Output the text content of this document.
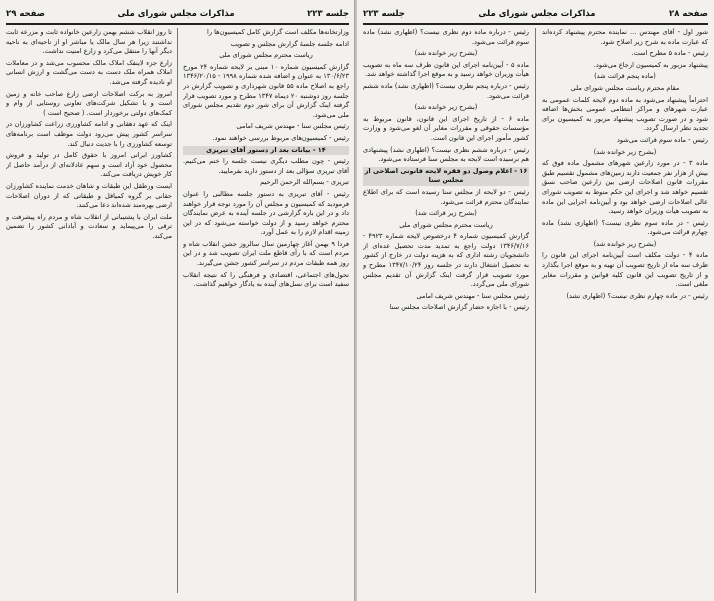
جلسه ۲۲۳
مذاکرات مجلس شورای ملی
صفحه ۲۹
وزارتخانه‌ها مکلف است گزارش کامل کمیسیون‌ها را
ادامه جلسه جلسهٔ گزارش مجلس و تصویب
ریاست محترم مجلس شورای ملی
گزارش کمیسیون شماره ۱۰ مبنی بر لایحه شماره ۲۴ مورخ ۱۳۰/۶/۲۳ به عنوان و اضافه شده شماره ۱۹۹۸ - ۱۳۴۶/۲۰/۱۵ راجع به اصلاح ماده ۵۵ قانون شهرداری و تصویب گزارش در جلسه روز دوشنبه ۲۰ دیماه ۱۳۴۷ مطرح و مورد تصویب قرار گرفته اینک گزارش آن برای شور دوم تقدیم مجلس شورای ملی می‌شود.
رئیس مجلس سنا - مهندس شریف امامی
رئیس - کمیسیون‌های مربوط بررسی خواهند نمود.
۱۴ - بیانات بعد از دستور آقای تبریزی
رئیس - چون مطلب دیگری نیست جلسه را ختم می‌کنیم. آقای تبریزی سؤالی بعد از دستور دارید بفرمایید.
تبریزی - بسم‌الله الرحمن الرحیم
رئیس - آقای تبریزی به دستور جلسه مطالبی را عنوان فرمودید که کمیسیون و مجلس آن را مورد توجه قرار خواهند داد و در این باره گزارشی در جلسه آینده به عرض نمایندگان محترم خواهد رسید و از دولت خواسته می‌شود که در این زمینه اقدام لازم را به عمل آورد.
فردا ۹ بهمن آغاز چهارمین سال سالروز جشن انقلاب شاه و مردم است که با رأی قاطع ملت ایران تصویب شد و در این روز همه طبقات مردم در سراسر کشور جشن می‌گیرند.
تحول‌های اجتماعی، اقتصادی و فرهنگی را که نتیجه انقلاب سفید است برای نسل‌های آینده به یادگار خواهیم گذاشت.
تا روز انقلاب ششم بهمن زارعین خانواده ثابت و مزرعه ثابت نداشتند زیرا هر سال مالک یا مباشر او از ناحیه‌ای به ناحیه دیگر آنها را منتقل می‌کرد و زارع امنیت نداشت.
زارع جزء لاینفک املاک مالک محسوب می‌شد و در معاملات املاک همراه ملک دست به دست می‌گشت و ارزش انسانی او نادیده گرفته می‌شد.
امروز به برکت اصلاحات ارضی زارع صاحب خانه و زمین است و با تشکیل شرکت‌های تعاونی روستایی از وام و کمک‌های دولتی برخوردار است. ( صحیح است )
اینک که عهد دهقانی و ادامه کشاورزی زراعت کشاورزان در سراسر کشور پیش می‌رود دولت موظف است برنامه‌های توسعه کشاورزی را با جدیت دنبال کند.
کشاورز ایرانی امروز با حقوق کامل در تولید و فروش محصول خود آزاد است و سهم عادلانه‌ای از درآمد حاصل از کار خویش دریافت می‌کند.
ایست ورطقل این طبقات و شاهان خدمت نماینده کشاورزان حقانی بر گروه کمیاقل و طبقاتی که از دوران اصلاحات ارضی بهره‌مند شده‌اند دعا می‌کنند.
ملت ایران با پشتیبانی از انقلاب شاه و مردم راه پیشرفت و ترقی را می‌پیماید و سعادت و آبادانی کشور را تضمین می‌کند.
صفحه ۲۸
مذاکرات مجلس شورای ملی
جلسه ۲۲۳
شور اول - آقای مهندس ... نماینده محترم پیشنهاد کرده‌اند که عبارت ماده به شرح زیر اصلاح شود.
رئیس - ماده ۵ مطرح است.
پیشنهاد مزبور به کمیسیون ارجاع می‌شود.
(ماده پنجم قرائت شد)
مقام محترم ریاست مجلس شورای ملی
احتراماً پیشنهاد می‌شود به ماده دوم لایحه کلمات عمومی به عبارت شهرهای و مراکز انتظامی عمومی بخش‌ها اضافه شود و در صورت تصویب پیشنهاد مزبور به کمیسیون برای تجدید نظر ارسال گردد.
رئیس - ماده سوم قرائت می‌شود
(بشرح زیر خوانده شد)
ماده ۳ - در مورد زارعین شهرهای مشمول ماده فوق که بیش از هزار نفر جمعیت دارند زمین‌های مشمول تقسیم طبق مقررات قانون اصلاحات ارضی بین زارعین صاحب نسق تقسیم خواهد شد و اجرای این حکم منوط به تصویب شورای عالی اصلاحات ارضی خواهد بود و آیین‌نامه اجرایی این ماده به تصویب هیأت وزیران خواهد رسید.
رئیس - در ماده سوم نظری نیست؟ (اظهاری نشد) ماده چهارم قرائت می‌شود.
(بشرح زیر خوانده شد)
ماده ۴ - دولت مکلف است آیین‌نامه اجرای این قانون را ظرف سه ماه از تاریخ تصویب آن تهیه و به موقع اجرا بگذارد و از تاریخ تصویب این قانون کلیه قوانین و مقررات مغایر ملغی است.
رئیس - در ماده چهارم نظری نیست؟ (اظهاری نشد)
رئیس - درباره ماده دوم نظری نیست؟ (اظهاری نشد) ماده سوم قرائت می‌شود.
(بشرح زیر خوانده شد)
ماده ۵ - آیین‌نامه اجرای این قانون ظرف سه ماه به تصویب هیأت وزیران خواهد رسید و به موقع اجرا گذاشته خواهد شد.
رئیس - درباره پنجم نظری نیست؟ (اظهاری نشد) ماده ششم قرائت می‌شود.
(بشرح زیر خوانده شد)
ماده ۶ - از تاریخ اجرای این قانون، قانون مربوط به مؤسسات حقوقی و مقررات مغایر آن لغو می‌شود و وزارت کشور مأمور اجرای این قانون است.
رئیس - درباره ششم نظری نیست؟ (اظهاری نشد) پیشنهادی هم نرسیده است لایحه به مجلس سنا فرستاده می‌شود.
۱۶ - اعلام وصول دو فقره لایحه قانونی اصلاحی از مجلس سنا
رئیس - دو لایحه از مجلس سنا رسیده است که برای اطلاع نمایندگان محترم قرائت می‌شود.
(بشرح زیر قرائت شد)
ریاست محترم مجلس شورای ملی
گزارش کمیسیون شماره ۴ درخصوص لایحه شماره ۴۹۲۳ - ۱۳۴۶/۷/۱۶ دولت راجع به تمدید مدت تحصیل عده‌ای از دانشجویان رشته اداری که به هزینه دولت در خارج از کشور به تحصیل اشتغال دارند در جلسه روز ۱۳۴۷/۱۰/۲۴ مطرح و مورد تصویب قرار گرفت اینک گزارش آن تقدیم مجلس شورای ملی می‌گردد.
رئیس مجلس سنا - مهندس شریف امامی
رئیس - با اجازه حضار گزارش اصلاحات مجلس سنا
